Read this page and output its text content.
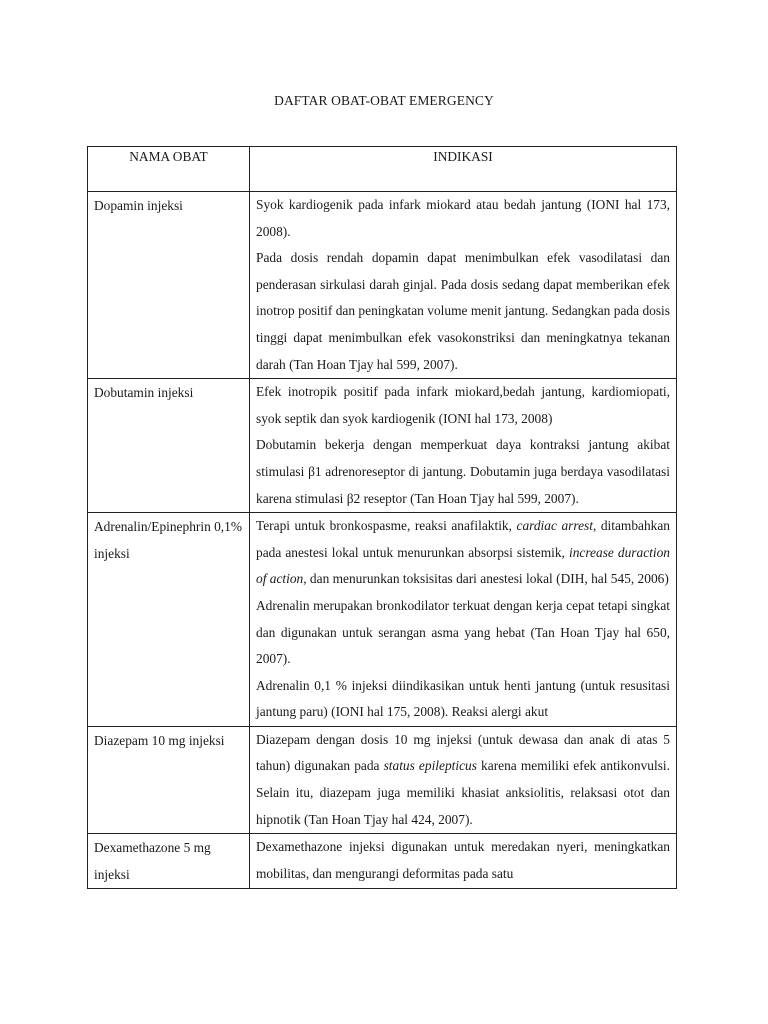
DAFTAR OBAT-OBAT EMERGENCY
NAMA OBAT	INDIKASI
Dopamin injeksi	Syok kardiogenik pada infark miokard atau bedah jantung (IONI hal 173, 2008).

Pada dosis rendah dopamin dapat menimbulkan efek vasodilatasi dan penderasan sirkulasi darah ginjal. Pada dosis sedang dapat memberikan efek inotrop positif dan peningkatan volume menit jantung. Sedangkan pada dosis tinggi dapat menimbulkan efek vasokonstriksi dan meningkatnya tekanan darah (Tan Hoan Tjay hal 599, 2007).

Dobutamin injeksi	Efek inotropik positif pada infark miokard,bedah jantung, kardiomiopati, syok septik dan syok kardiogenik (IONI hal 173, 2008)

Dobutamin bekerja dengan memperkuat daya kontraksi jantung akibat stimulasi β1 adrenoreseptor di jantung. Dobutamin juga berdaya vasodilatasi karena stimulasi β2 reseptor (Tan Hoan Tjay hal 599, 2007).

Adrenalin/Epinephrin 0,1% injeksi	Terapi untuk bronkospasme, reaksi anafilaktik, cardiac arrest, ditambahkan pada anestesi lokal untuk menurunkan absorpsi sistemik, increase duraction of action, dan menurunkan toksisitas dari anestesi lokal (DIH, hal 545, 2006)

Adrenalin merupakan bronkodilator terkuat dengan kerja cepat tetapi singkat dan digunakan untuk serangan asma yang hebat (Tan Hoan Tjay hal 650, 2007).

Adrenalin 0,1 % injeksi diindikasikan untuk henti jantung (untuk resusitasi jantung paru) (IONI hal 175, 2008). Reaksi alergi akut

Diazepam 10 mg injeksi	Diazepam dengan dosis 10 mg injeksi (untuk dewasa dan anak di atas 5 tahun) digunakan pada status epilepticus karena memiliki efek antikonvulsi. Selain itu, diazepam juga memiliki khasiat anksiolitis, relaksasi otot dan hipnotik (Tan Hoan Tjay hal 424, 2007).

Dexamethazone 5 mg injeksi	Dexamethazone injeksi digunakan untuk meredakan nyeri, meningkatkan mobilitas, dan mengurangi deformitas pada satu
